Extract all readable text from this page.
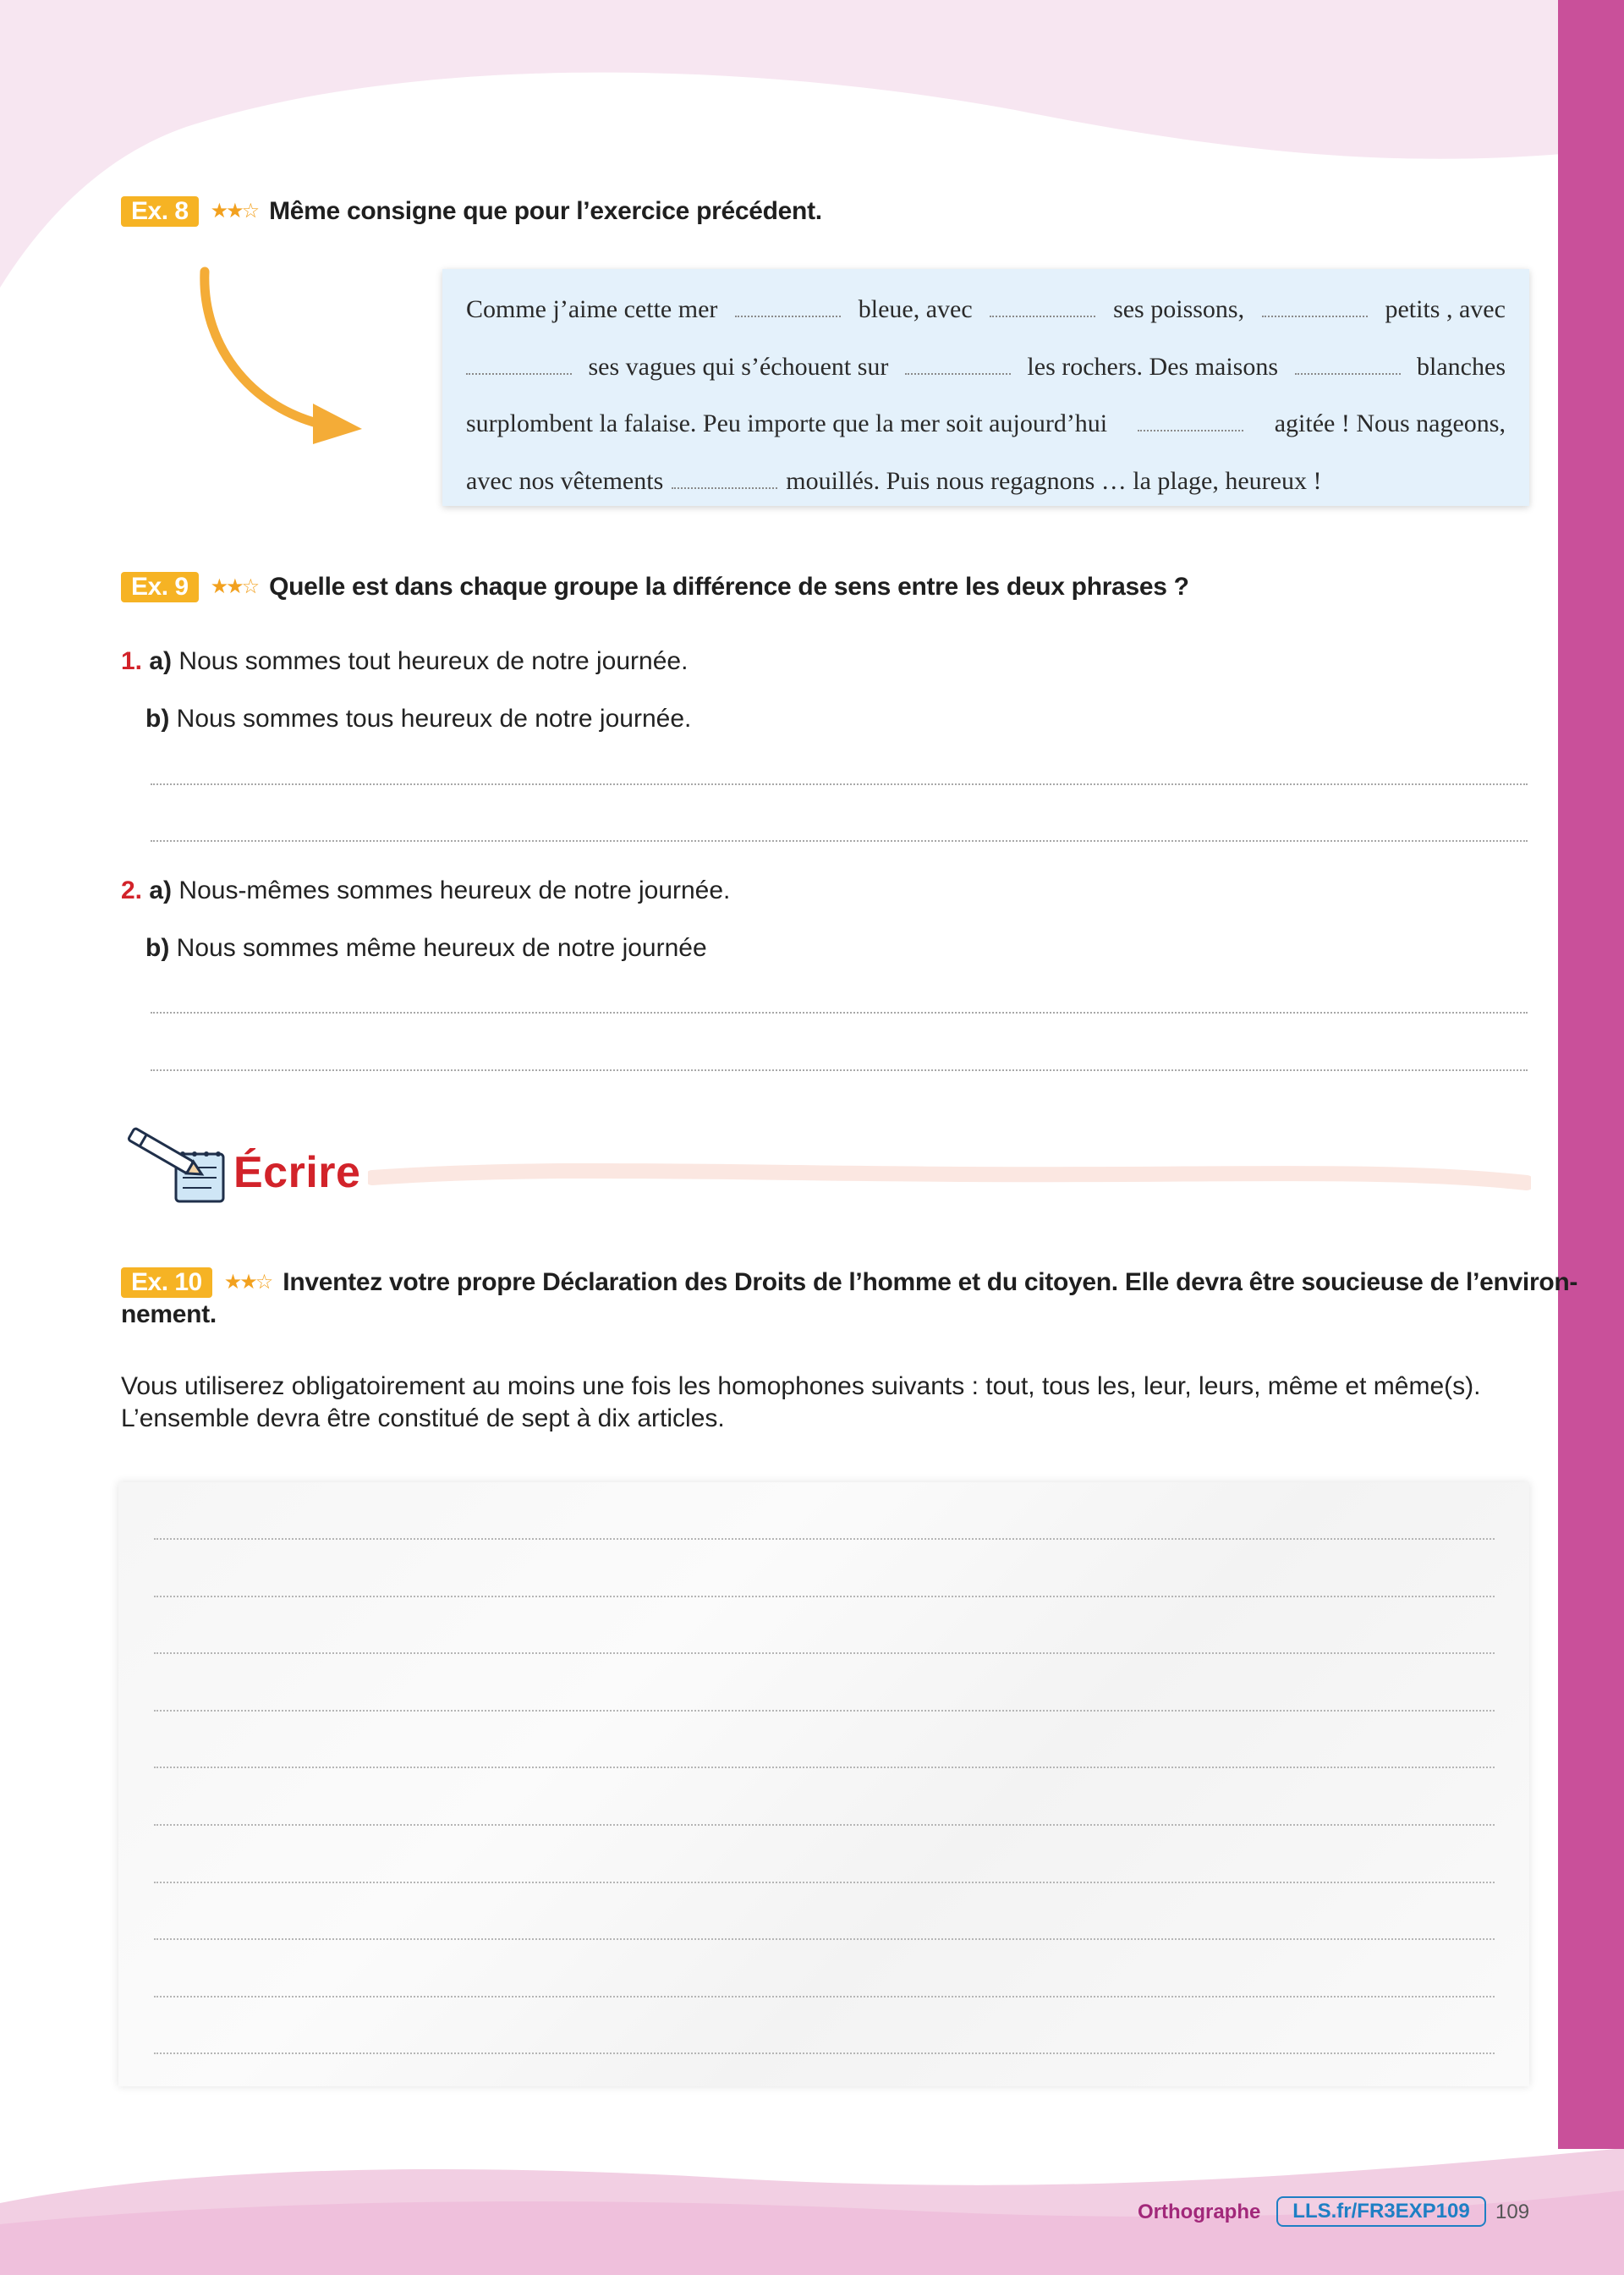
Ex. 8	★★☆ Même consigne que pour l’exercice précédent.
Comme j’aime cette mer	bleue, avec	ses poissons,	petits , avec
ses vagues qui s’échouent sur	les rochers. Des maisons	blanches
surplombent la falaise. Peu importe que la mer soit aujourd’hui	agitée ! Nous nageons,
avec nos vêtements	mouillés. Puis nous regagnons … la plage, heureux !
Ex. 9	★★☆ Quelle est dans chaque groupe la différence de sens entre les deux phrases ?
1. a) Nous sommes tout heureux de notre journée.
b) Nous sommes tous heureux de notre journée.
2. a) Nous-mêmes sommes heureux de notre journée.
b) Nous sommes même heureux de notre journée
Écrire
Ex. 10	★★☆ Inventez votre propre Déclaration des Droits de l’homme et du citoyen. Elle devra être soucieuse de l’environ-
nement.
Vous utiliserez obligatoirement au moins une fois les homophones suivants : tout, tous les, leur, leurs, même et même(s).
L’ensemble devra être constitué de sept à dix articles.
Orthographe	LLS.fr/FR3EXP109	109
